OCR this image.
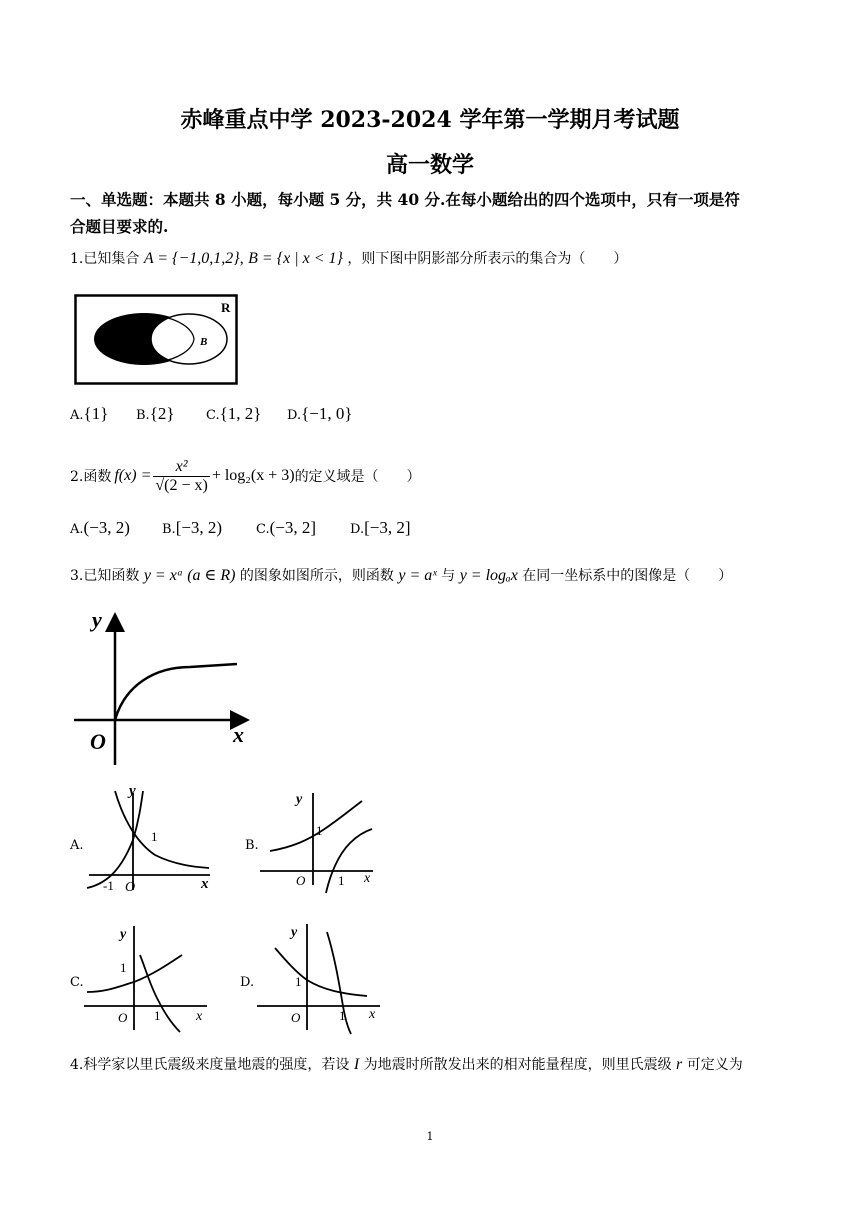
赤峰重点中学 2023-2024 学年第一学期月考试题
高一数学
一、单选题：本题共 8 小题，每小题 5 分，共 40 分.在每小题给出的四个选项中，只有一项是符
合题目要求的.
1.已知集合 A = {−1,0,1,2}, B = {x | x < 1} ，则下图中阴影部分所表示的集合为（　　）
R
B
A.{1} B.{2} C.{1, 2} D.{−1, 0}
2.函数 $f(x) = \frac{\text{x²}}{√(2 - x)} + \log_2(x + 3)$ 的定义域是（　　）
A.(−3, 2) B.[−3, 2)	C.(−3, 2]	D.[−3, 2]
3.已知函数 y = xᵃ (a ∈ R) 的图象如图所示，则函数 y = aˣ 与 y = logₐx 在同一坐标系中的图像是（　　）
y
x
O
A.
y
x
-1 O
1
B.
y
x
O	1
1
C.
y
x
O 1
1
D.
y
x
O	1
1
4.科学家以里氏震级来度量地震的强度，若设 I 为地震时所散发出来的相对能量程度，则里氏震级 r 可定义为
1
